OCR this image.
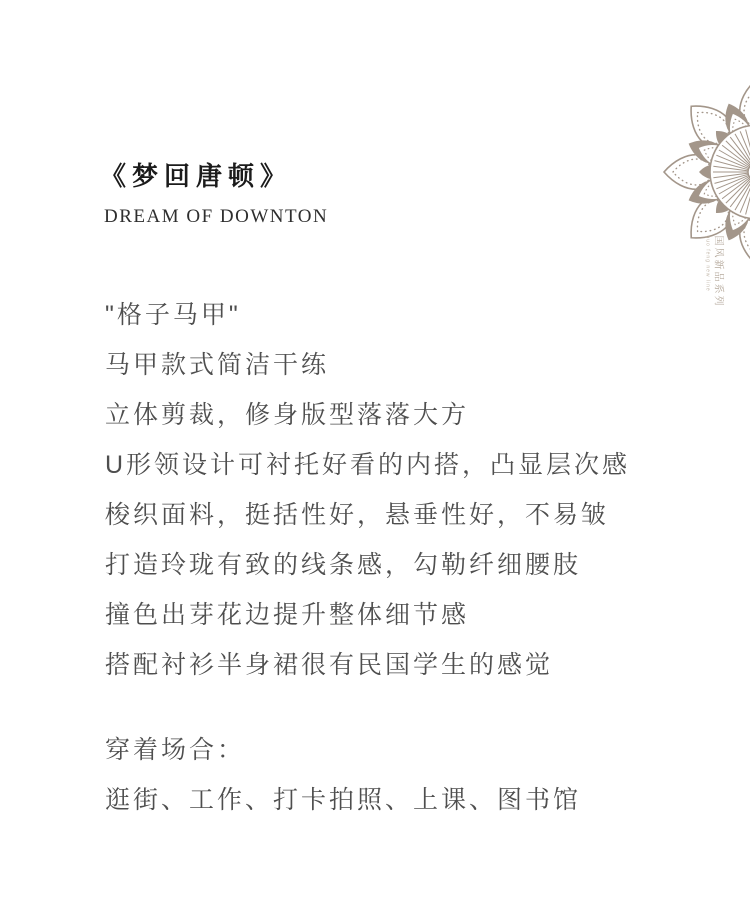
《梦回唐顿》
DREAM OF DOWNTON

"格子马甲"

马甲款式简洁干练

立体剪裁，修身版型落落大方

U形领设计可衬托好看的内搭，凸显层次感

梭织面料，挺括性好，悬垂性好，不易皱

打造玲珑有致的线条感，勾勒纤细腰肢

撞色出芽花边提升整体细节感

搭配衬衫半身裙很有民国学生的感觉

穿着场合：

逛街、工作、打卡拍照、上课、图书馆

国风新品系列
guo feng new line
